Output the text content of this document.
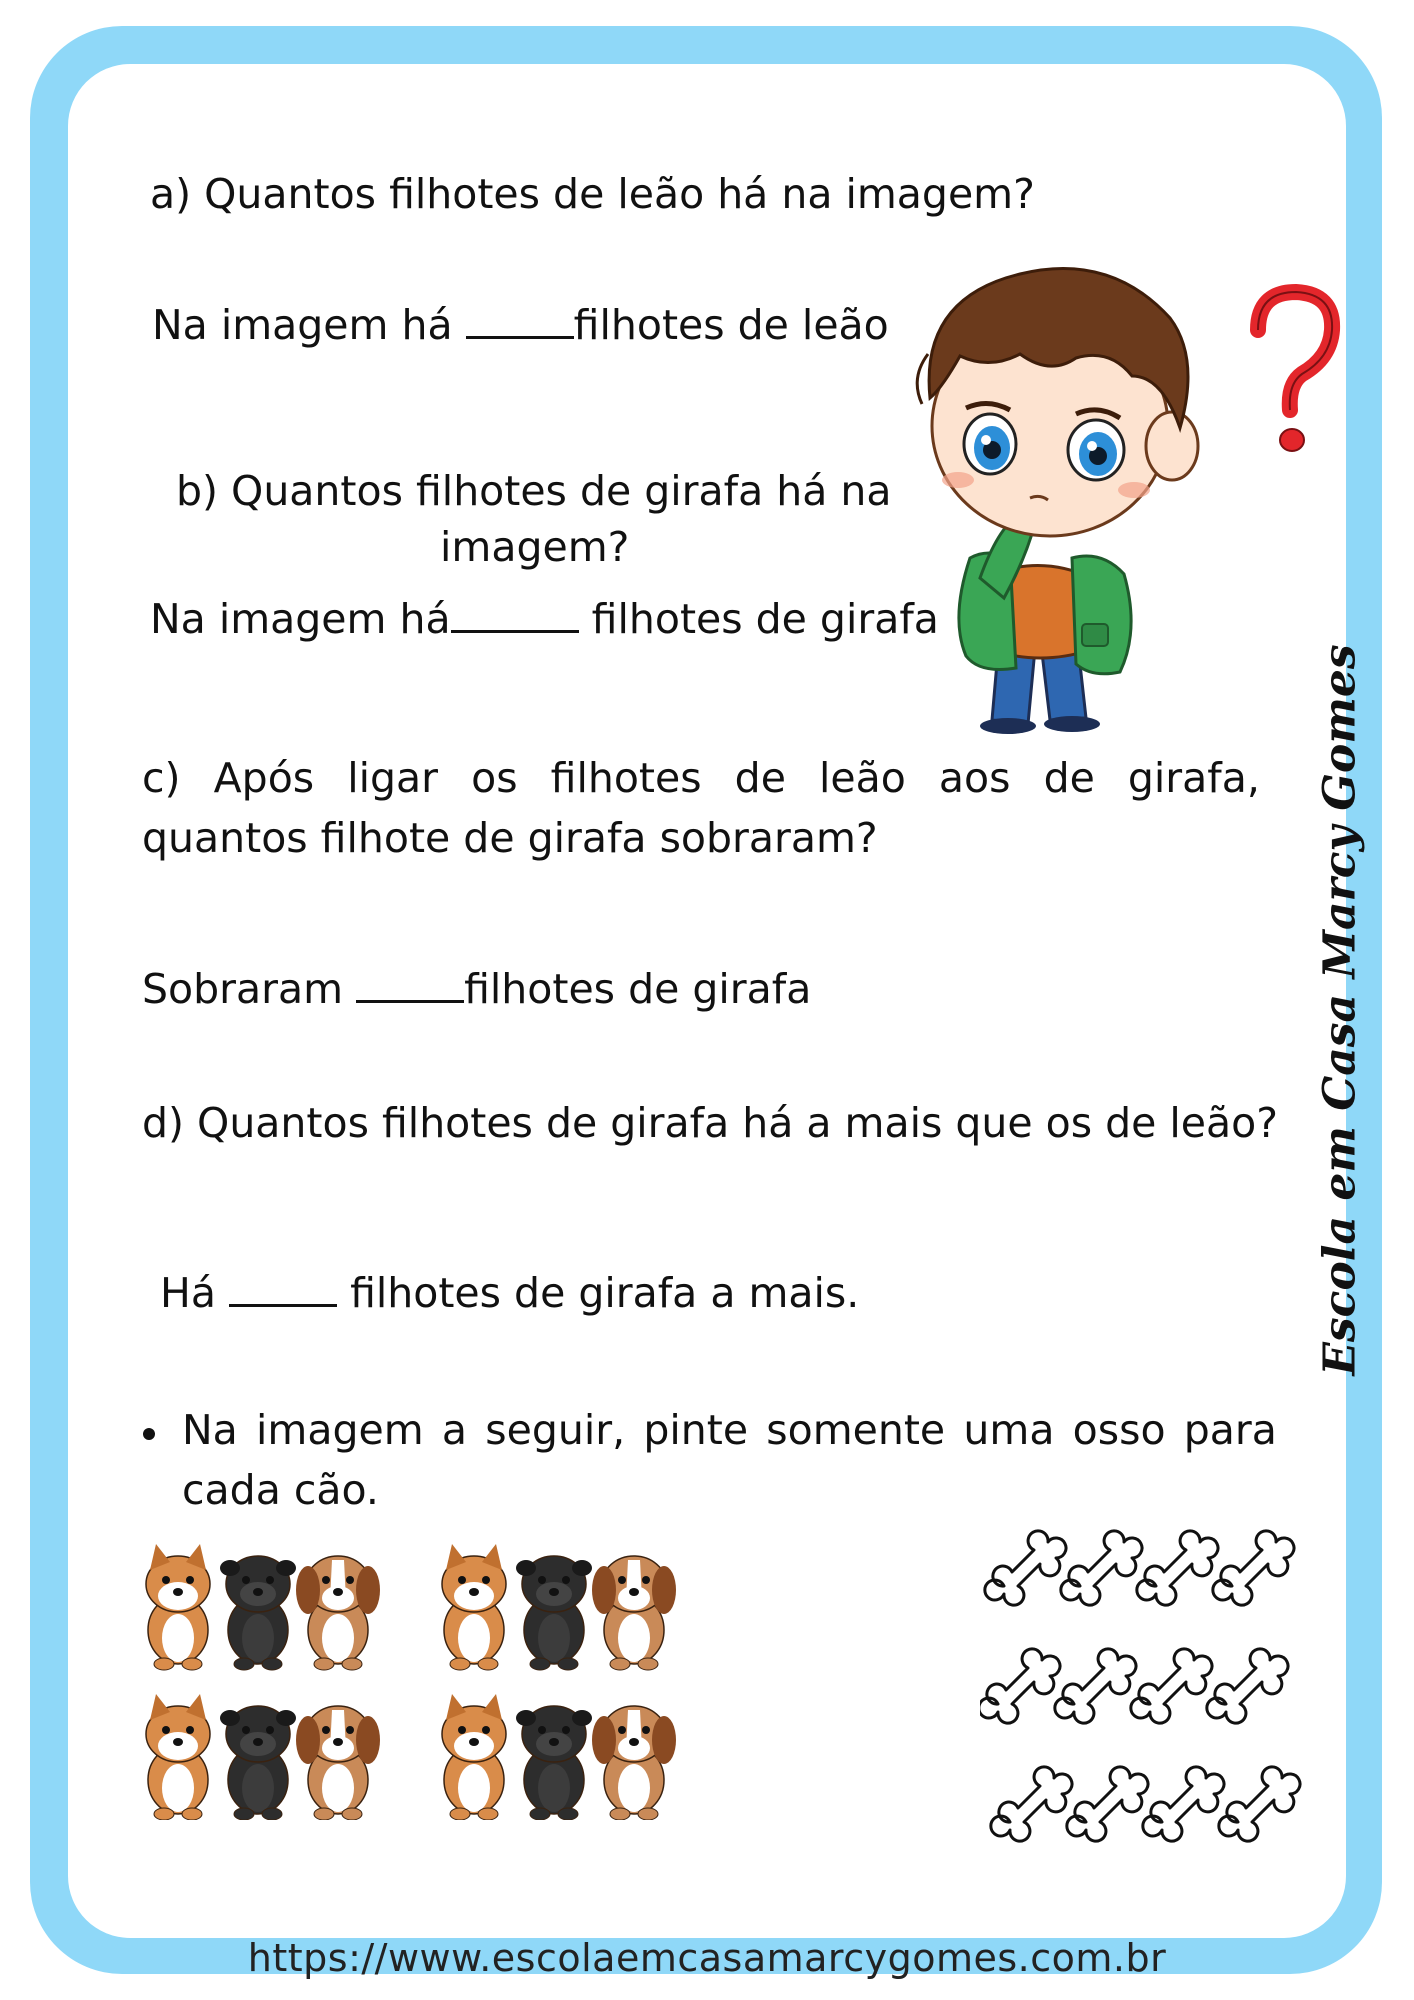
a) Quantos filhotes de leão há na imagem?

Na imagem há	filhotes de leão

b) Quantos filhotes de girafa há na

imagem?

Na imagem há	filhotes de girafa

c) Após ligar os filhotes de leão aos de girafa,
quantos filhote de girafa sobraram?

Sobraram	filhotes de girafa

d) Quantos filhotes de girafa há a mais que os de leão?

Há	filhotes de girafa a mais.

Na imagem a seguir, pinte somente uma osso para
cada cão.
Escola em Casa Marcy Gomes
https://www.escolaemcasamarcygomes.com.br
